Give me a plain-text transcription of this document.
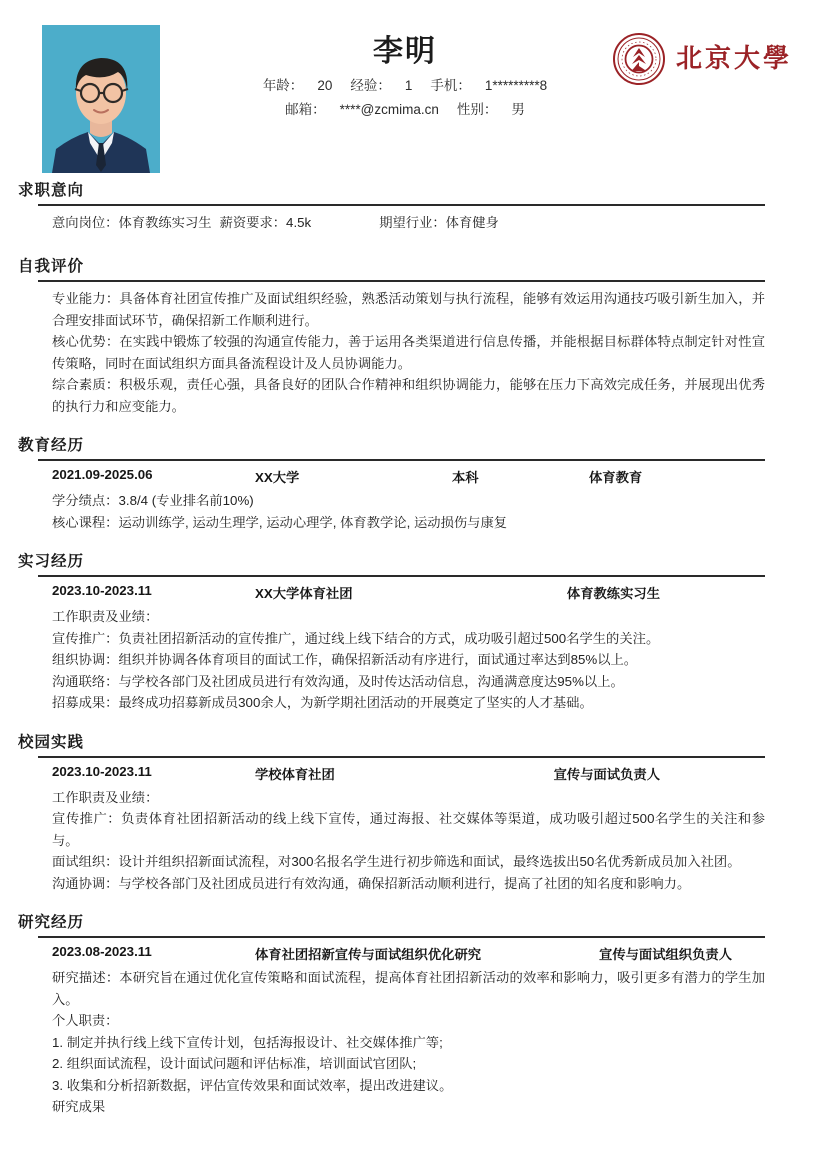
李明
年龄： 20 经验： 1 手机： 1*********8
邮箱： ****@zcmima.cn 性别： 男
北京大學
求职意向
意向岗位：体育教练实习生 薪资要求：4.5k	期望行业：体育健身
自我评价

专业能力：具备体育社团宣传推广及面试组织经验，熟悉活动策划与执行流程，能够有效运用沟通技巧吸引新生加入，并合理安排面试环节，确保招新工作顺利进行。

核心优势：在实践中锻炼了较强的沟通宣传能力，善于运用各类渠道进行信息传播，并能根据目标群体特点制定针对性宣传策略，同时在面试组织方面具备流程设计及人员协调能力。

综合素质：积极乐观，责任心强，具备良好的团队合作精神和组织协调能力，能够在压力下高效完成任务，并展现出优秀的执行力和应变能力。

教育经历
2021.09-2025.06	XX大学	本科	体育教育

学分绩点：3.8/4 (专业排名前10%)

核心课程：运动训练学, 运动生理学, 运动心理学, 体育教学论, 运动损伤与康复

实习经历
2023.10-2023.11	XX大学体育社团	体育教练实习生

工作职责及业绩：

宣传推广：负责社团招新活动的宣传推广，通过线上线下结合的方式，成功吸引超过500名学生的关注。

组织协调：组织并协调各体育项目的面试工作，确保招新活动有序进行，面试通过率达到85%以上。

沟通联络：与学校各部门及社团成员进行有效沟通，及时传达活动信息，沟通满意度达95%以上。

招募成果：最终成功招募新成员300余人，为新学期社团活动的开展奠定了坚实的人才基础。

校园实践
2023.10-2023.11	学校体育社团	宣传与面试负责人

工作职责及业绩：

宣传推广：负责体育社团招新活动的线上线下宣传，通过海报、社交媒体等渠道，成功吸引超过500名学生的关注和参与。

面试组织：设计并组织招新面试流程，对300名报名学生进行初步筛选和面试，最终选拔出50名优秀新成员加入社团。

沟通协调：与学校各部门及社团成员进行有效沟通，确保招新活动顺利进行，提高了社团的知名度和影响力。

研究经历
2023.08-2023.11	体育社团招新宣传与面试组织优化研究	宣传与面试组织负责人

研究描述：本研究旨在通过优化宣传策略和面试流程，提高体育社团招新活动的效率和影响力，吸引更多有潜力的学生加入。

个人职责：

1. 制定并执行线上线下宣传计划，包括海报设计、社交媒体推广等;

2. 组织面试流程，设计面试问题和评估标准，培训面试官团队;

3. 收集和分析招新数据，评估宣传效果和面试效率，提出改进建议。

研究成果
